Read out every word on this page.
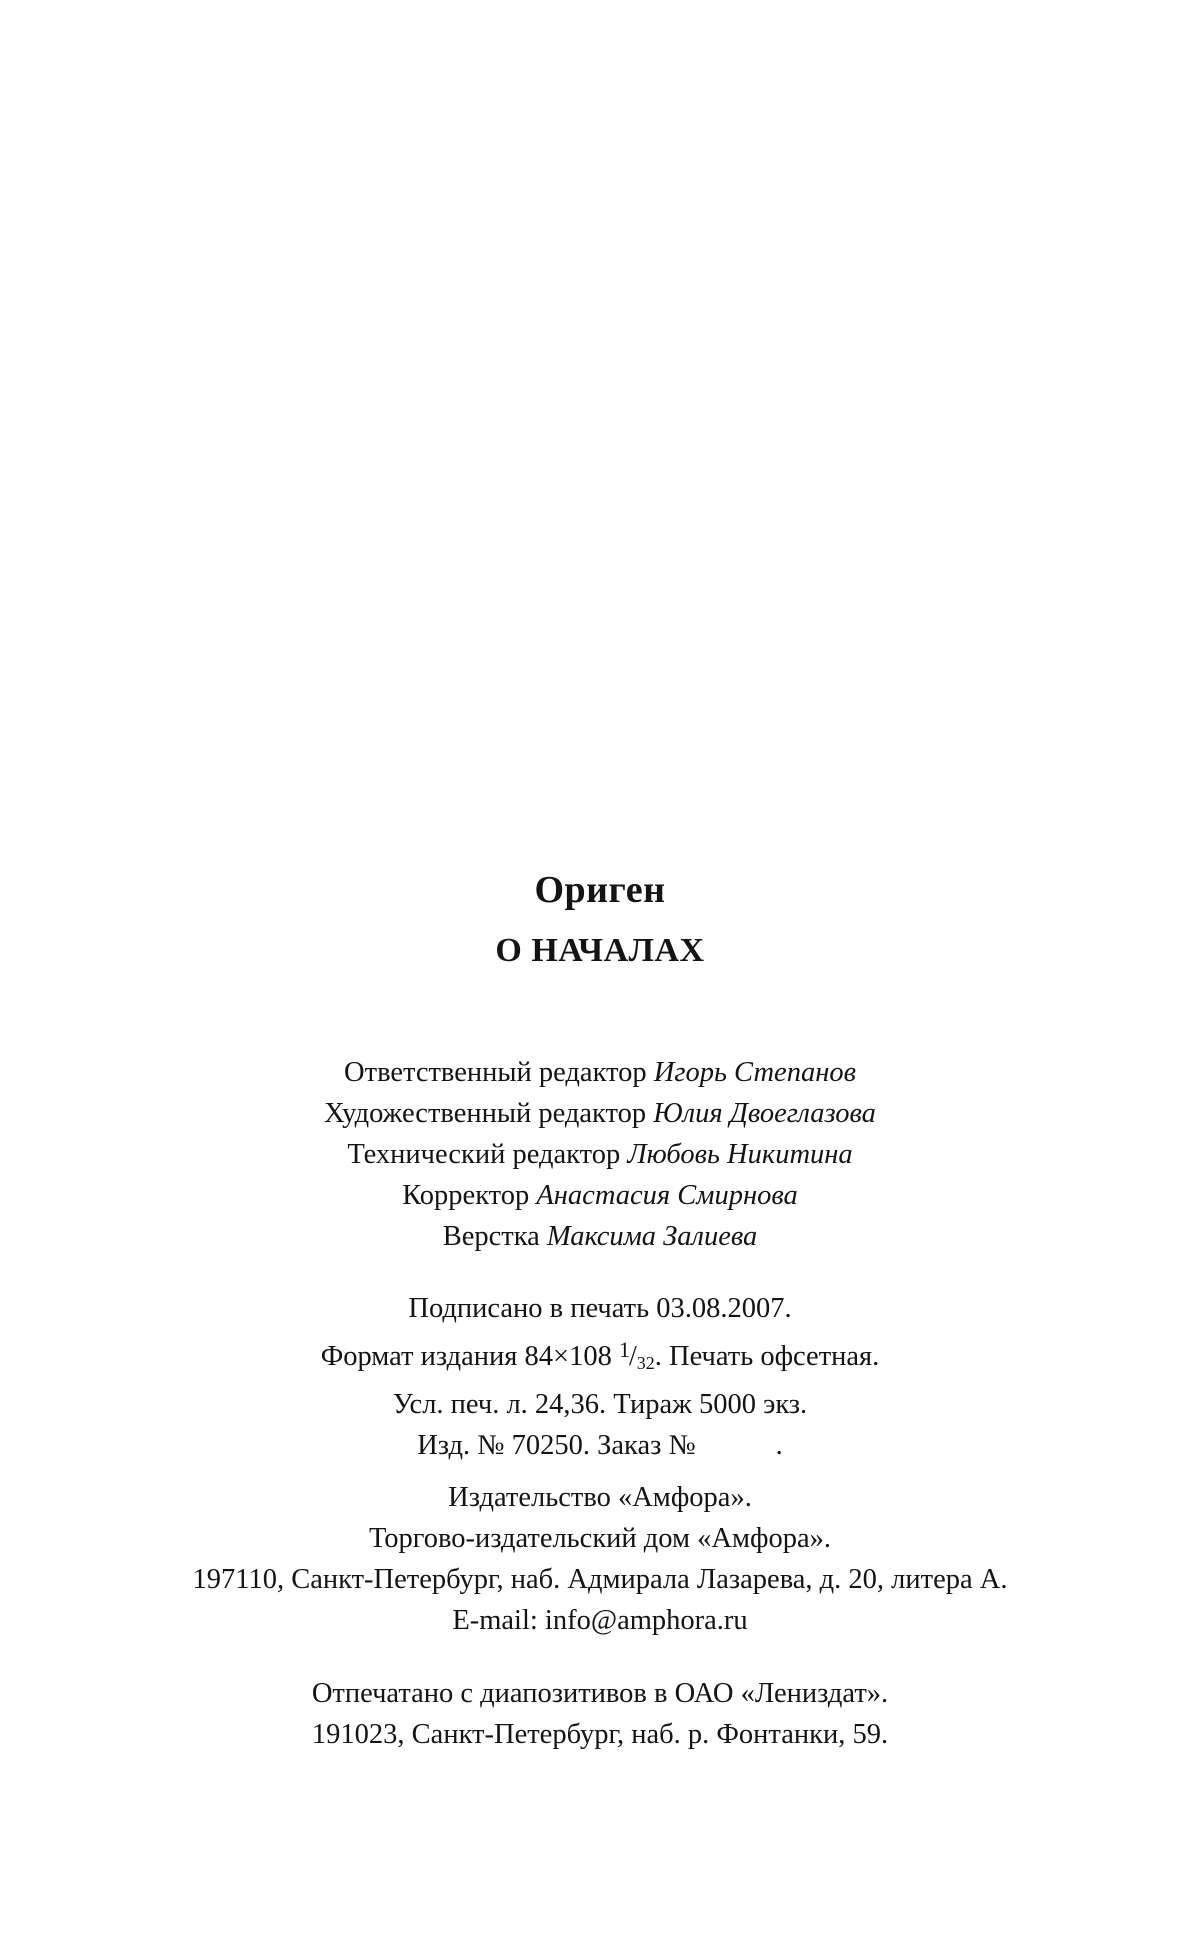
Ориген
О НАЧАЛАХ
Ответственный редактор Игорь Степанов
Художественный редактор Юлия Двоеглазова
Технический редактор Любовь Никитина
Корректор Анастасия Смирнова
Верстка Максима Залиева
Подписано в печать 03.08.2007.
Формат издания 84×108 $^1/_{32}$. Печать офсетная.
Усл. печ. л. 24,36. Тираж 5000 экз.
Изд. № 70250. Заказ №	.
Издательство «Амфора».
Торгово-издательский дом «Амфора».
197110, Санкт-Петербург, наб. Адмирала Лазарева, д. 20, литера А.
E-mail: info@amphora.ru
Отпечатано с диапозитивов в ОАО «Лениздат».
191023, Санкт-Петербург, наб. р. Фонтанки, 59.
